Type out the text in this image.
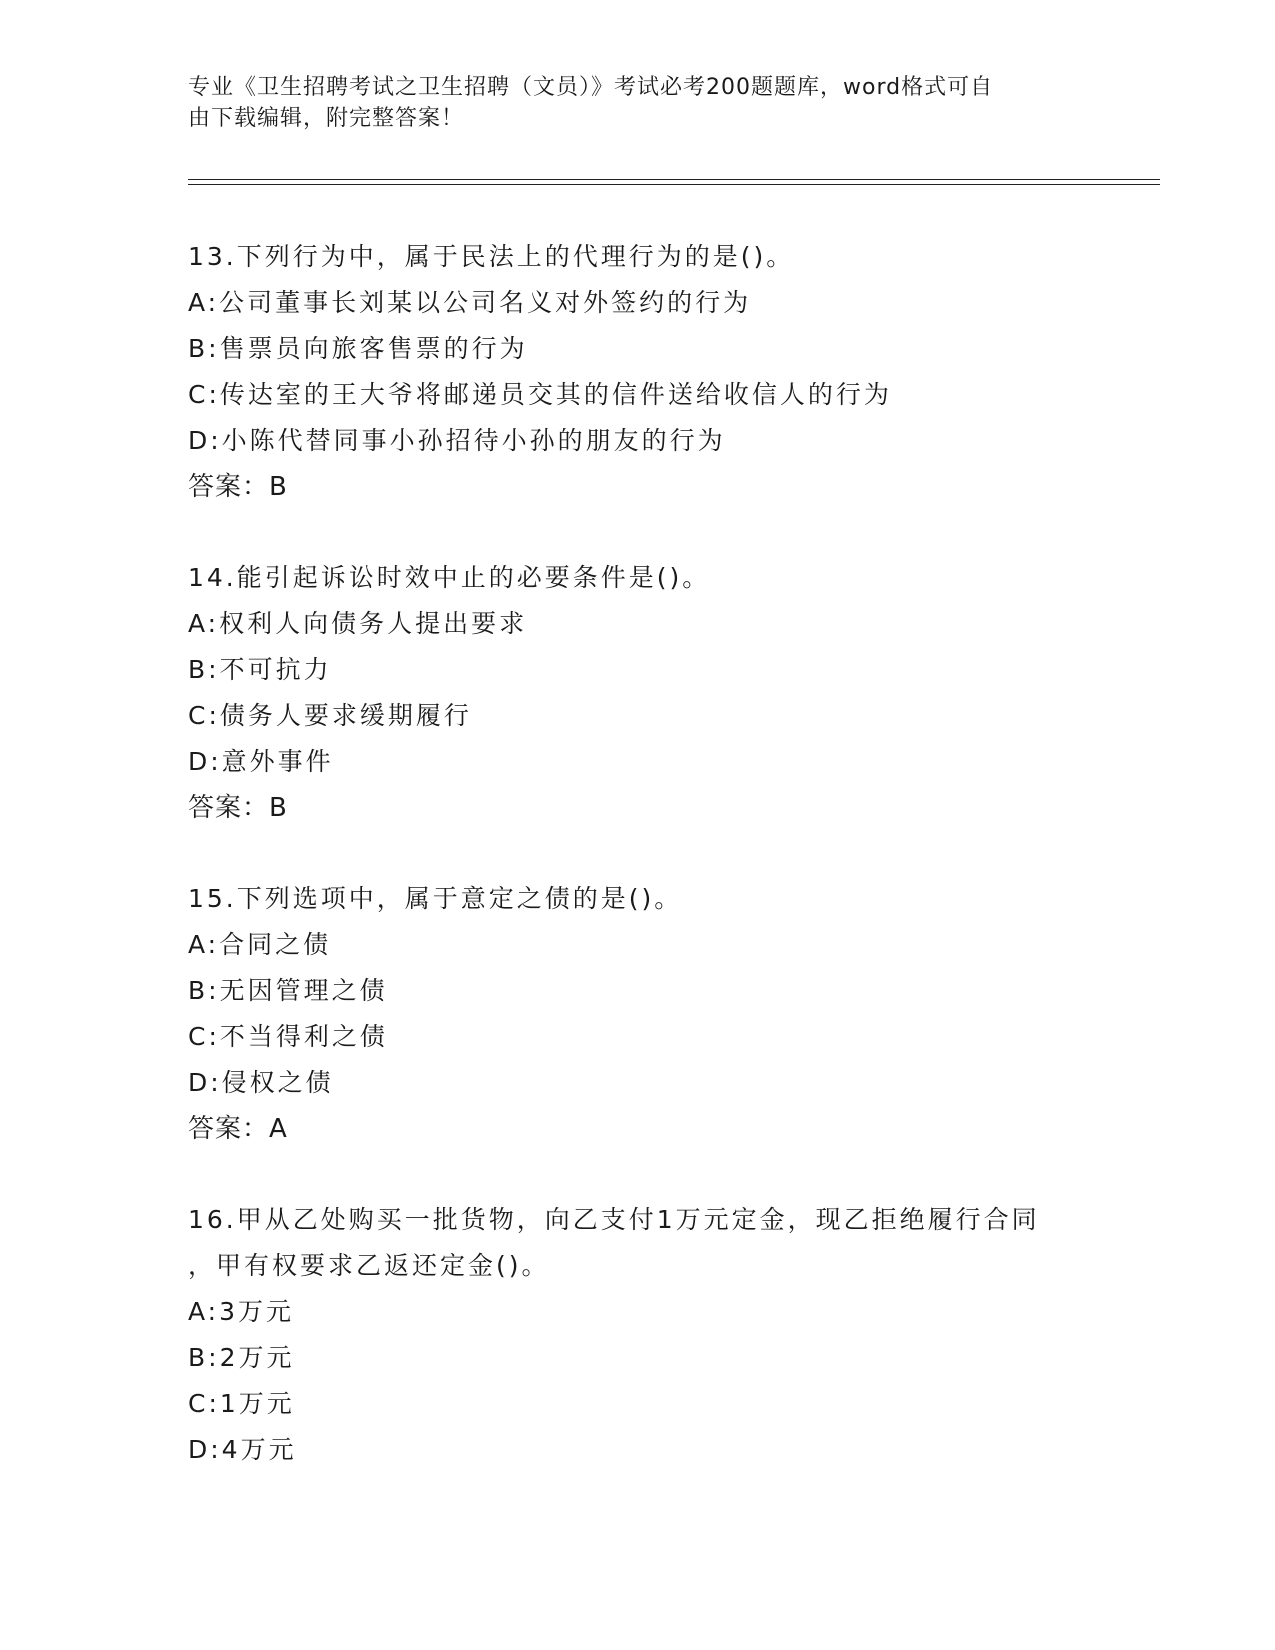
专业《卫生招聘考试之卫生招聘（文员）》考试必考200题题库，word格式可自
由下载编辑，附完整答案！
13.下列行为中，属于民法上的代理行为的是()。
A:公司董事长刘某以公司名义对外签约的行为
B:售票员向旅客售票的行为
C:传达室的王大爷将邮递员交其的信件送给收信人的行为
D:小陈代替同事小孙招待小孙的朋友的行为
答案：B
14.能引起诉讼时效中止的必要条件是()。
A:权利人向债务人提出要求
B:不可抗力
C:债务人要求缓期履行
D:意外事件
答案：B
15.下列选项中，属于意定之债的是()。
A:合同之债
B:无因管理之债
C:不当得利之债
D:侵权之债
答案：A
16.甲从乙处购买一批货物，向乙支付1万元定金，现乙拒绝履行合同
，甲有权要求乙返还定金()。
A:3万元
B:2万元
C:1万元
D:4万元
